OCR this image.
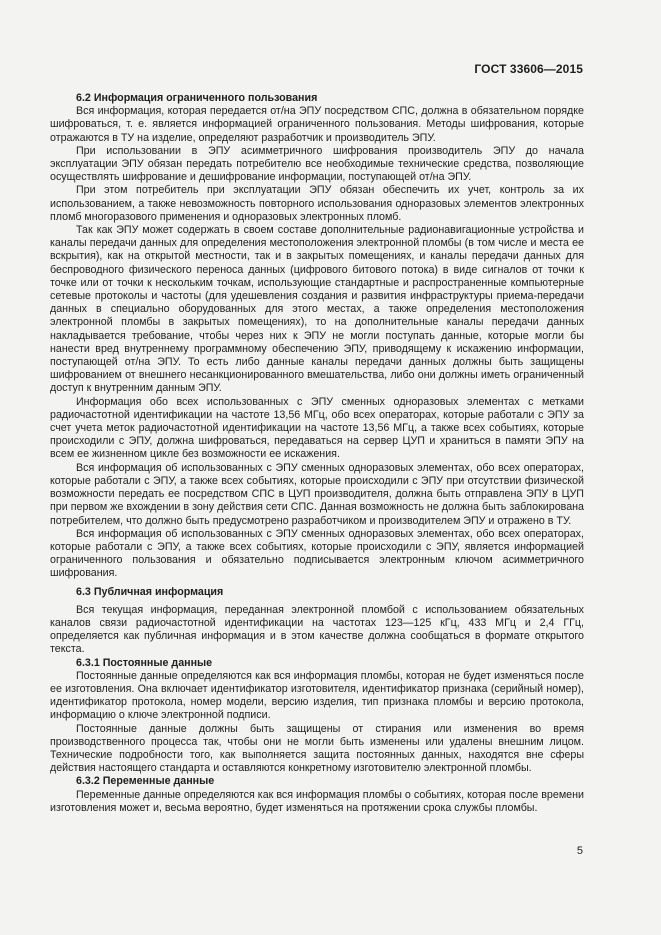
ГОСТ 33606—2015
6.2 Информация ограниченного пользования

Вся информация, которая передается от/на ЭПУ посредством СПС, должна в обязательном порядке шифроваться, т. е. является информацией ограниченного пользования. Методы шифрования, которые отражаются в ТУ на изделие, определяют разработчик и производитель ЭПУ.

При использовании в ЭПУ асимметричного шифрования производитель ЭПУ до начала эксплуатации ЭПУ обязан передать потребителю все необходимые технические средства, позволяющие осуществлять шифрование и дешифрование информации, поступающей от/на ЭПУ.

При этом потребитель при эксплуатации ЭПУ обязан обеспечить их учет, контроль за их использованием, а также невозможность повторного использования одноразовых элементов электронных пломб многоразового применения и одноразовых электронных пломб.

Так как ЭПУ может содержать в своем составе дополнительные радионавигационные устройства и каналы передачи данных для определения местоположения электронной пломбы (в том числе и места ее вскрытия), как на открытой местности, так и в закрытых помещениях, и каналы передачи данных для беспроводного физического переноса данных (цифрового битового потока) в виде сигналов от точки к точке или от точки к нескольким точкам, использующие стандартные и распространенные компьютерные сетевые протоколы и частоты (для удешевления создания и развития инфраструктуры приема-передачи данных в специально оборудованных для этого местах, а также определения местоположения электронной пломбы в закрытых помещениях), то на дополнительные каналы передачи данных накладывается требование, чтобы через них к ЭПУ не могли поступать данные, которые могли бы нанести вред внутреннему программному обеспечению ЭПУ, приводящему к искажению информации, поступающей от/на ЭПУ. То есть либо данные каналы передачи данных должны быть защищены шифрованием от внешнего несанкционированного вмешательства, либо они должны иметь ограниченный доступ к внутренним данным ЭПУ.

Информация обо всех использованных с ЭПУ сменных одноразовых элементах с метками радиочастотной идентификации на частоте 13,56 МГц, обо всех операторах, которые работали с ЭПУ за счет учета меток радиочастотной идентификации на частоте 13,56 МГц, а также всех событиях, которые происходили с ЭПУ, должна шифроваться, передаваться на сервер ЦУП и храниться в памяти ЭПУ на всем ее жизненном цикле без возможности ее искажения.

Вся информация об использованных с ЭПУ сменных одноразовых элементах, обо всех операторах, которые работали с ЭПУ, а также всех событиях, которые происходили с ЭПУ при отсутствии физической возможности передать ее посредством СПС в ЦУП производителя, должна быть отправлена ЭПУ в ЦУП при первом же вхождении в зону действия сети СПС. Данная возможность не должна быть заблокирована потребителем, что должно быть предусмотрено разработчиком и производителем ЭПУ и отражено в ТУ.

Вся информация об использованных с ЭПУ сменных одноразовых элементах, обо всех операторах, которые работали с ЭПУ, а также всех событиях, которые происходили с ЭПУ, является информацией ограниченного пользования и обязательно подписывается электронным ключом асимметричного шифрования.

6.3 Публичная информация

Вся текущая информация, переданная электронной пломбой с использованием обязательных каналов связи радиочастотной идентификации на частотах 123—125 кГц, 433 МГц и 2,4 ГГц, определяется как публичная информация и в этом качестве должна сообщаться в формате открытого текста.

6.3.1 Постоянные данные

Постоянные данные определяются как вся информация пломбы, которая не будет изменяться после ее изготовления. Она включает идентификатор изготовителя, идентификатор признака (серийный номер), идентификатор протокола, номер модели, версию изделия, тип признака пломбы и версию протокола, информацию о ключе электронной подписи.

Постоянные данные должны быть защищены от стирания или изменения во время производственного процесса так, чтобы они не могли быть изменены или удалены внешним лицом. Технические подробности того, как выполняется защита постоянных данных, находятся вне сферы действия настоящего стандарта и оставляются конкретному изготовителю электронной пломбы.

6.3.2 Переменные данные

Переменные данные определяются как вся информация пломбы о событиях, которая после времени изготовления может и, весьма вероятно, будет изменяться на протяжении срока службы пломбы.

5
